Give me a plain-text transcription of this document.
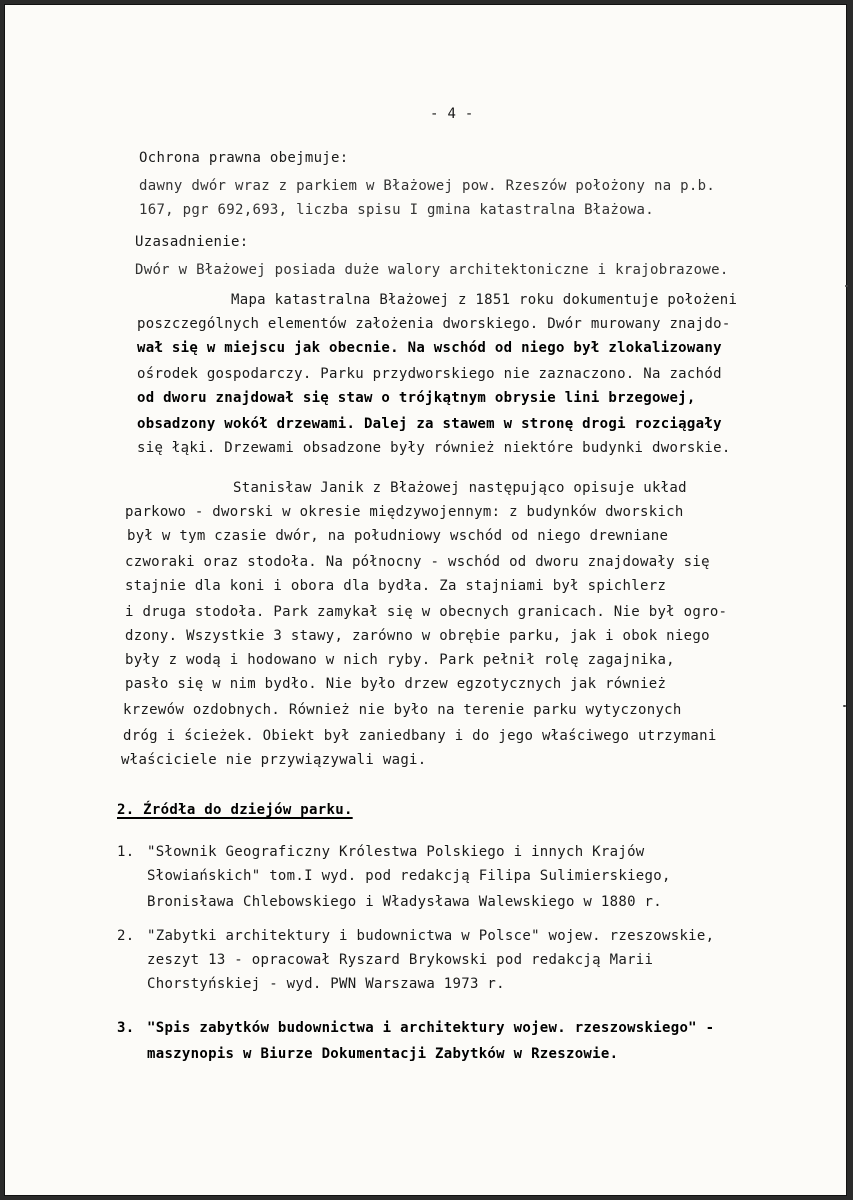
- 4 -
Ochrona prawna obejmuje:
dawny dwór wraz z parkiem w Błażowej pow. Rzeszów położony na p.b.
167, pgr 692,693, liczba spisu I gmina katastralna Błażowa.
Uzasadnienie:
Dwór w Błażowej posiada duże walory architektoniczne i krajobrazowe.
Mapa katastralna Błażowej z 1851 roku dokumentuje położeni
poszczególnych elementów założenia dworskiego. Dwór murowany znajdo-
wał się w miejscu jak obecnie. Na wschód od niego był zlokalizowany
ośrodek gospodarczy. Parku przydworskiego nie zaznaczono. Na zachód
od dworu znajdował się staw o trójkątnym obrysie lini brzegowej,
obsadzony wokół drzewami. Dalej za stawem w stronę drogi rozciągały
się łąki. Drzewami obsadzone były również niektóre budynki dworskie.
Stanisław Janik z Błażowej następująco opisuje układ
parkowo - dworski w okresie międzywojennym: z budynków dworskich
był w tym czasie dwór, na południowy wschód od niego drewniane
czworaki oraz stodoła. Na północny - wschód od dworu znajdowały się
stajnie dla koni i obora dla bydła. Za stajniami był spichlerz
i druga stodoła. Park zamykał się w obecnych granicach. Nie był ogro-
dzony. Wszystkie 3 stawy, zarówno w obrębie parku, jak i obok niego
były z wodą i hodowano w nich ryby. Park pełnił rolę zagajnika,
pasło się w nim bydło. Nie było drzew egzotycznych jak również
krzewów ozdobnych. Również nie było na terenie parku wytyczonych
dróg i ścieżek. Obiekt był zaniedbany i do jego właściwego utrzymani
właściciele nie przywiązywali wagi.
2. Źródła do dziejów parku.
1. "Słownik Geograficzny Królestwa Polskiego i innych Krajów
Słowiańskich" tom.I wyd. pod redakcją Filipa Sulimierskiego,
Bronisława Chlebowskiego i Władysława Walewskiego w 1880 r.
2. "Zabytki architektury i budownictwa w Polsce" wojew. rzeszowskie,
zeszyt 13 - opracował Ryszard Brykowski pod redakcją Marii
Chorstyńskiej - wyd. PWN Warszawa 1973 r.
3. "Spis zabytków budownictwa i architektury wojew. rzeszowskiego" -
maszynopis w Biurze Dokumentacji Zabytków w Rzeszowie.
